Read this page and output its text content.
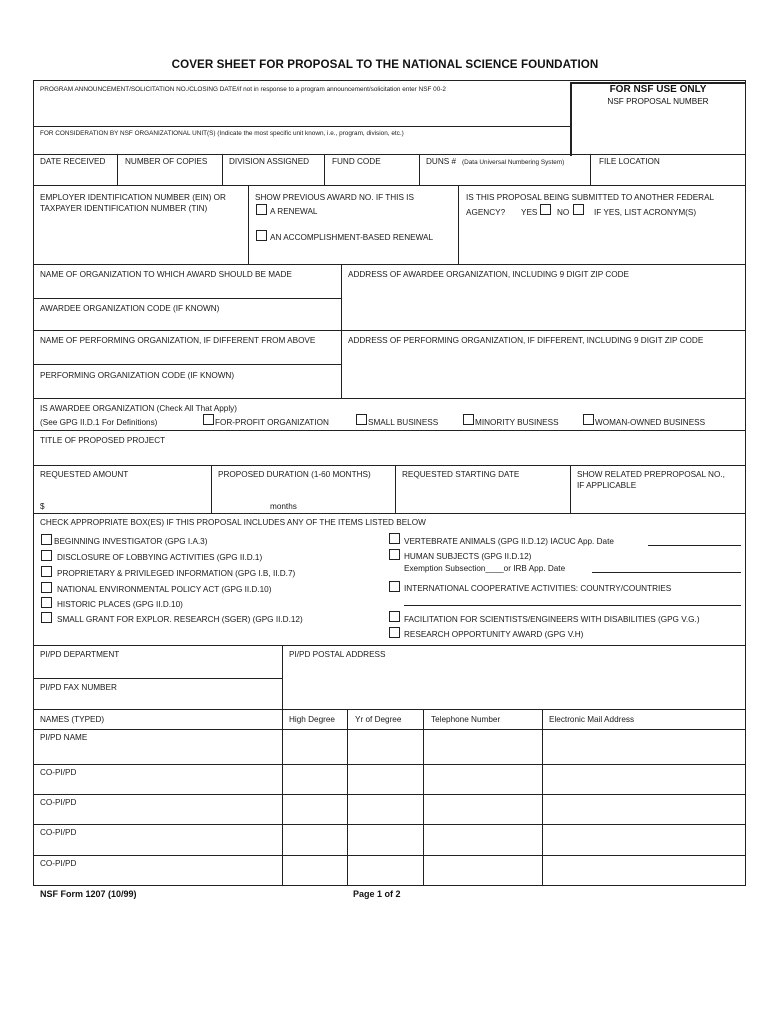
COVER SHEET FOR PROPOSAL TO THE NATIONAL SCIENCE FOUNDATION
PROGRAM ANNOUNCEMENT/SOLICITATION NO./CLOSING DATE/if not in response to a program announcement/solicitation enter NSF 00-2	FOR NSF USE ONLY
NSF PROPOSAL NUMBER
FOR CONSIDERATION BY NSF ORGANIZATIONAL UNIT(S) (Indicate the most specific unit known, i.e., program, division, etc.)
DATE RECEIVED NUMBER OF COPIES	DIVISION ASSIGNED	FUND CODE	DUNS # (Data Universal Numbering System)	FILE LOCATION
EMPLOYER IDENTIFICATION NUMBER (EIN) OR
TAXPAYER IDENTIFICATION NUMBER (TIN)
SHOW PREVIOUS AWARD NO. IF THIS IS
A RENEWAL
AN ACCOMPLISHMENT-BASED RENEWAL
IS THIS PROPOSAL BEING SUBMITTED TO ANOTHER FEDERAL
AGENCY? YES NO	IF YES, LIST ACRONYM(S)
NAME OF ORGANIZATION TO WHICH AWARD SHOULD BE MADE	ADDRESS OF AWARDEE ORGANIZATION, INCLUDING 9 DIGIT ZIP CODE
AWARDEE ORGANIZATION CODE (IF KNOWN)
NAME OF PERFORMING ORGANIZATION, IF DIFFERENT FROM ABOVE	ADDRESS OF PERFORMING ORGANIZATION, IF DIFFERENT, INCLUDING 9 DIGIT ZIP CODE
PERFORMING ORGANIZATION CODE (IF KNOWN)
IS AWARDEE ORGANIZATION (Check All That Apply)
(See GPG II.D.1 For Definitions)	FOR-PROFIT ORGANIZATION	SMALL BUSINESS	MINORITY BUSINESS	WOMAN-OWNED BUSINESS
TITLE OF PROPOSED PROJECT
REQUESTED AMOUNT
$
PROPOSED DURATION (1-60 MONTHS)
months
REQUESTED STARTING DATE	SHOW RELATED PREPROPOSAL NO.,
IF APPLICABLE
CHECK APPROPRIATE BOX(ES) IF THIS PROPOSAL INCLUDES ANY OF THE ITEMS LISTED BELOW
BEGINNING INVESTIGATOR (GPG I.A.3)
DISCLOSURE OF LOBBYING ACTIVITIES (GPG II.D.1)
PROPRIETARY & PRIVILEGED INFORMATION (GPG I.B, II.D.7)
NATIONAL ENVIRONMENTAL POLICY ACT (GPG II.D.10)
HISTORIC PLACES (GPG II.D.10)
SMALL GRANT FOR EXPLOR. RESEARCH (SGER) (GPG II.D.12)
VERTEBRATE ANIMALS (GPG II.D.12) IACUC App. Date
HUMAN SUBJECTS (GPG II.D.12)
Exemption Subsection____or IRB App. Date
INTERNATIONAL COOPERATIVE ACTIVITIES: COUNTRY/COUNTRIES
FACILITATION FOR SCIENTISTS/ENGINEERS WITH DISABILITIES (GPG V.G.)
RESEARCH OPPORTUNITY AWARD (GPG V.H)
PI/PD DEPARTMENT	PI/PD POSTAL ADDRESS
PI/PD FAX NUMBER
NAMES (TYPED)	High Degree Yr of Degree	Telephone Number	Electronic Mail Address
PI/PD NAME
CO-PI/PD
CO-PI/PD
CO-PI/PD
CO-PI/PD
NSF Form 1207 (10/99)	Page 1 of 2
